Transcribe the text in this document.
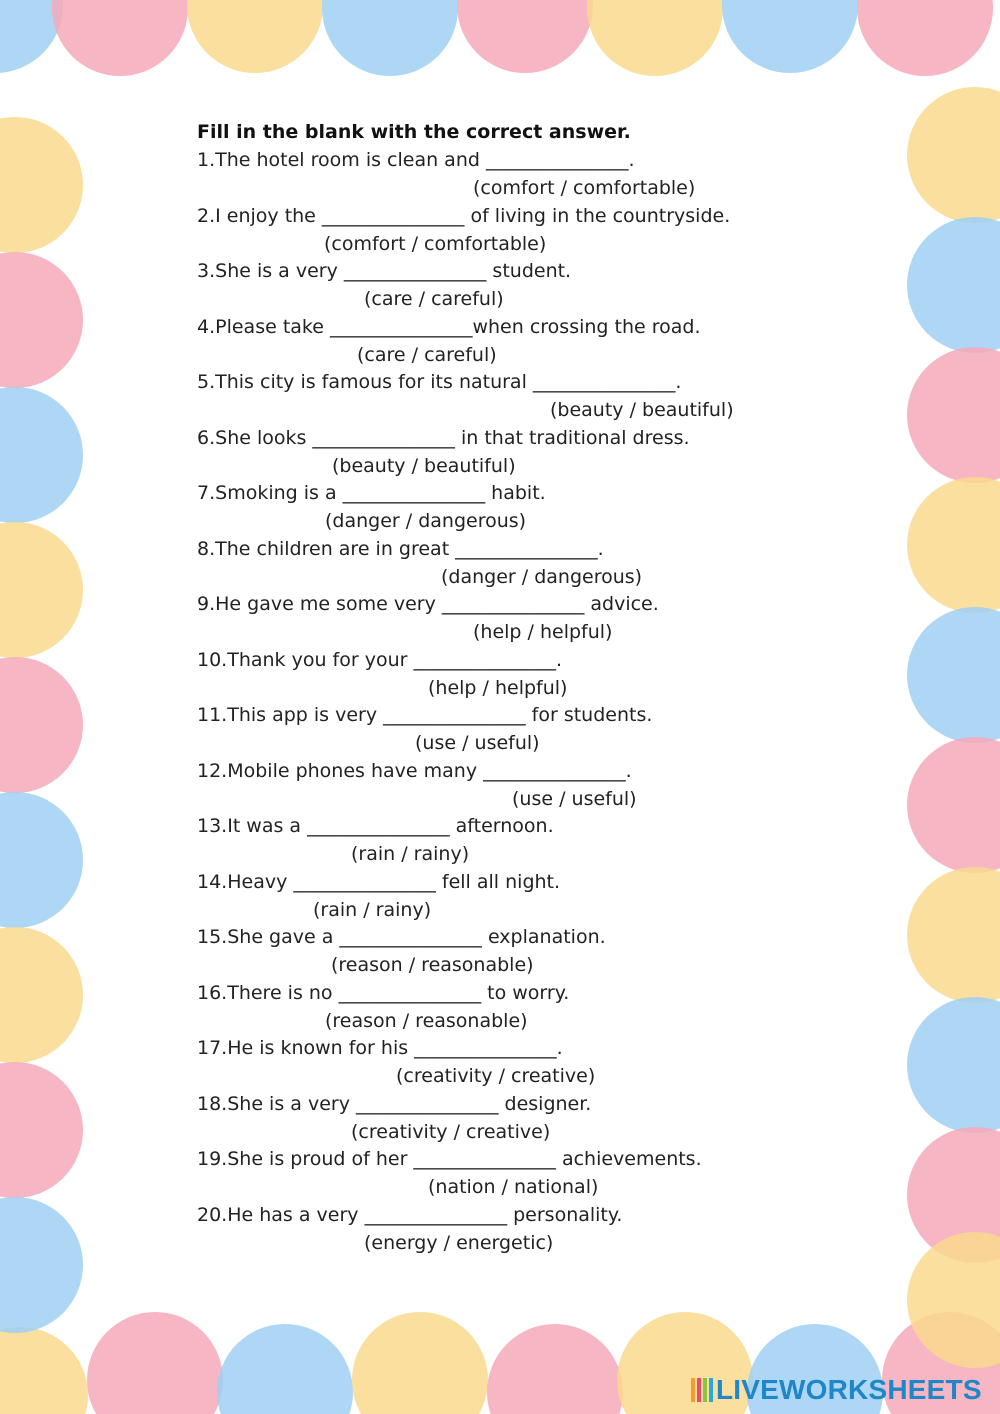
Fill in the blank with the correct answer.
1.The hotel room is clean and _______________.
(comfort / comfortable)
2.I enjoy the _______________ of living in the countryside.
(comfort / comfortable)
3.She is a very _______________ student.
(care / careful)
4.Please take _______________when crossing the road.
(care / careful)
5.This city is famous for its natural _______________.
(beauty / beautiful)
6.She looks _______________ in that traditional dress.
(beauty / beautiful)
7.Smoking is a _______________ habit.
(danger / dangerous)
8.The children are in great _______________.
(danger / dangerous)
9.He gave me some very _______________ advice.
(help / helpful)
10.Thank you for your _______________.
(help / helpful)
11.This app is very _______________ for students.
(use / useful)
12.Mobile phones have many _______________.
(use / useful)
13.It was a _______________ afternoon.
(rain / rainy)
14.Heavy _______________ fell all night.
(rain / rainy)
15.She gave a _______________ explanation.
(reason / reasonable)
16.There is no _______________ to worry.
(reason / reasonable)
17.He is known for his _______________.
(creativity / creative)
18.She is a very _______________ designer.
(creativity / creative)
19.She is proud of her _______________ achievements.
(nation / national)
20.He has a very _______________ personality.
(energy / energetic)
LIVEWORKSHEETS
